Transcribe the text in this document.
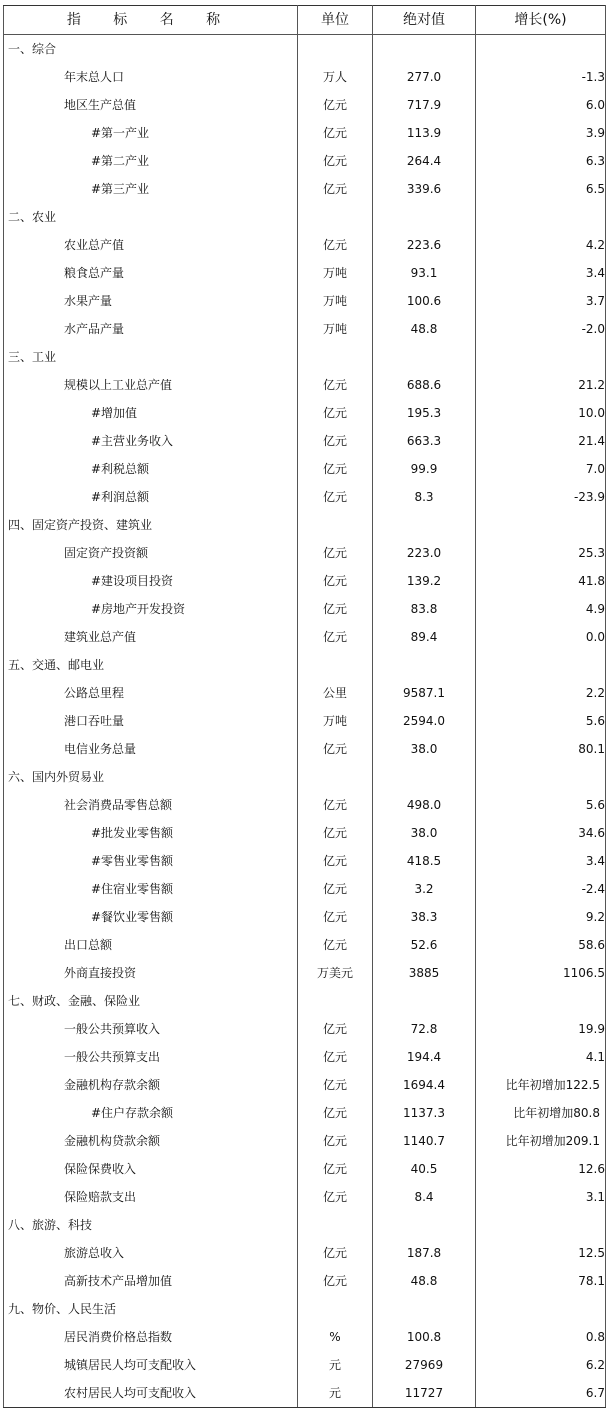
指 标 名 称	单位	绝对值	增长(%)
一、综合			
年末总人口	万人	277.0	-1.3
地区生产总值	亿元	717.9	6.0
#第一产业	亿元	113.9	3.9
#第二产业	亿元	264.4	6.3
#第三产业	亿元	339.6	6.5
二、农业			
农业总产值	亿元	223.6	4.2
粮食总产量	万吨	93.1	3.4
水果产量	万吨	100.6	3.7
水产品产量	万吨	48.8	-2.0
三、工业			
规模以上工业总产值	亿元	688.6	21.2
#增加值	亿元	195.3	10.0
#主营业务收入	亿元	663.3	21.4
#利税总额	亿元	99.9	7.0
#利润总额	亿元	8.3	-23.9
四、固定资产投资、建筑业			
固定资产投资额	亿元	223.0	25.3
#建设项目投资	亿元	139.2	41.8
#房地产开发投资	亿元	83.8	4.9
建筑业总产值	亿元	89.4	0.0
五、交通、邮电业			
公路总里程	公里	9587.1	2.2
港口吞吐量	万吨	2594.0	5.6
电信业务总量	亿元	38.0	80.1
六、国内外贸易业			
社会消费品零售总额	亿元	498.0	5.6
#批发业零售额	亿元	38.0	34.6
#零售业零售额	亿元	418.5	3.4
#住宿业零售额	亿元	3.2	-2.4
#餐饮业零售额	亿元	38.3	9.2
出口总额	亿元	52.6	58.6
外商直接投资	万美元	3885	1106.5
七、财政、金融、保险业			
一般公共预算收入	亿元	72.8	19.9
一般公共预算支出	亿元	194.4	4.1
金融机构存款余额	亿元	1694.4	比年初增加122.5
#住户存款余额	亿元	1137.3	比年初增加80.8
金融机构贷款余额	亿元	1140.7	比年初增加209.1
保险保费收入	亿元	40.5	12.6
保险赔款支出	亿元	8.4	3.1
八、旅游、科技			
旅游总收入	亿元	187.8	12.5
高新技术产品增加值	亿元	48.8	78.1
九、物价、人民生活			
居民消费价格总指数	%	100.8	0.8
城镇居民人均可支配收入	元	27969	6.2
农村居民人均可支配收入	元	11727	6.7
